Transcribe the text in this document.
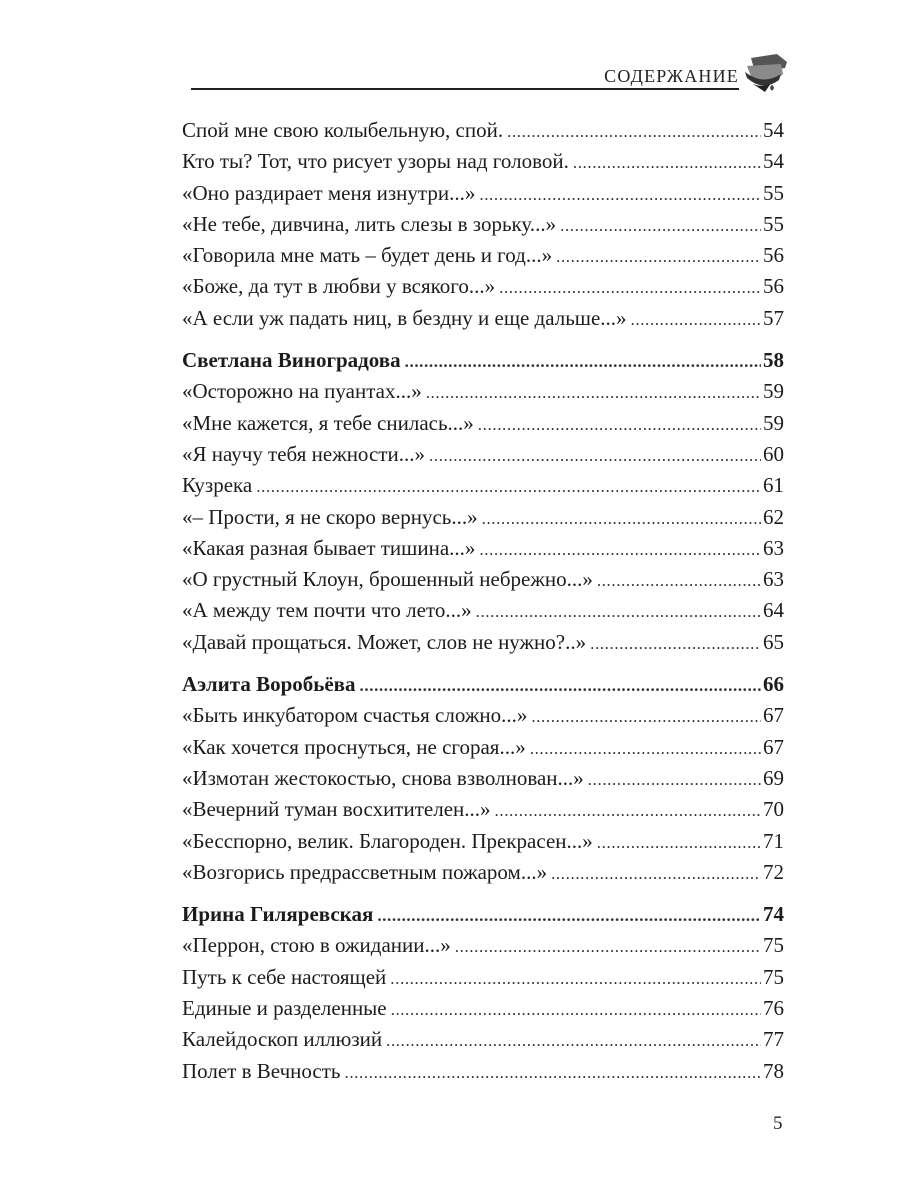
СОДЕРЖАНИЕ
Спой мне свою колыбельную, спой. .....	54
Кто ты? Тот, что рисует узоры над головой. .....	54
«Оно раздирает меня изнутри...» .....	55
«Не тебе, дивчина, лить слезы в зорьку...» .....	55
«Говорила мне мать – будет день и год...» .....	56
«Боже, да тут в любви у всякого...» .....	56
«А если уж падать ниц, в бездну и еще дальше...» .....	57
Светлана Виноградова .....	58
«Осторожно на пуантах...» .....	59
«Мне кажется, я тебе снилась...» .....	59
«Я научу тебя нежности...» .....	60
Кузрека .....	61
«– Прости, я не скоро вернусь...» .....	62
«Какая разная бывает тишина...» .....	63
«О грустный Клоун, брошенный небрежно...» .....	63
«А между тем почти что лето...» .....	64
«Давай прощаться. Может, слов не нужно?..» .....	65
Аэлита Воробьёва .....	66
«Быть инкубатором счастья сложно...» .....	67
«Как хочется проснуться, не сгорая...» .....	67
«Измотан жестокостью, снова взволнован...» .....	69
«Вечерний туман восхитителен...» .....	70
«Бесспорно, велик. Благороден. Прекрасен...» .....	71
«Возгорись предрассветным пожаром...» .....	72
Ирина Гиляревская .....	74
«Перрон, стою в ожидании...» .....	75
Путь к себе настоящей .....	75
Единые и разделенные .....	76
Калейдоскоп иллюзий .....	77
Полет в Вечность .....	78
5
